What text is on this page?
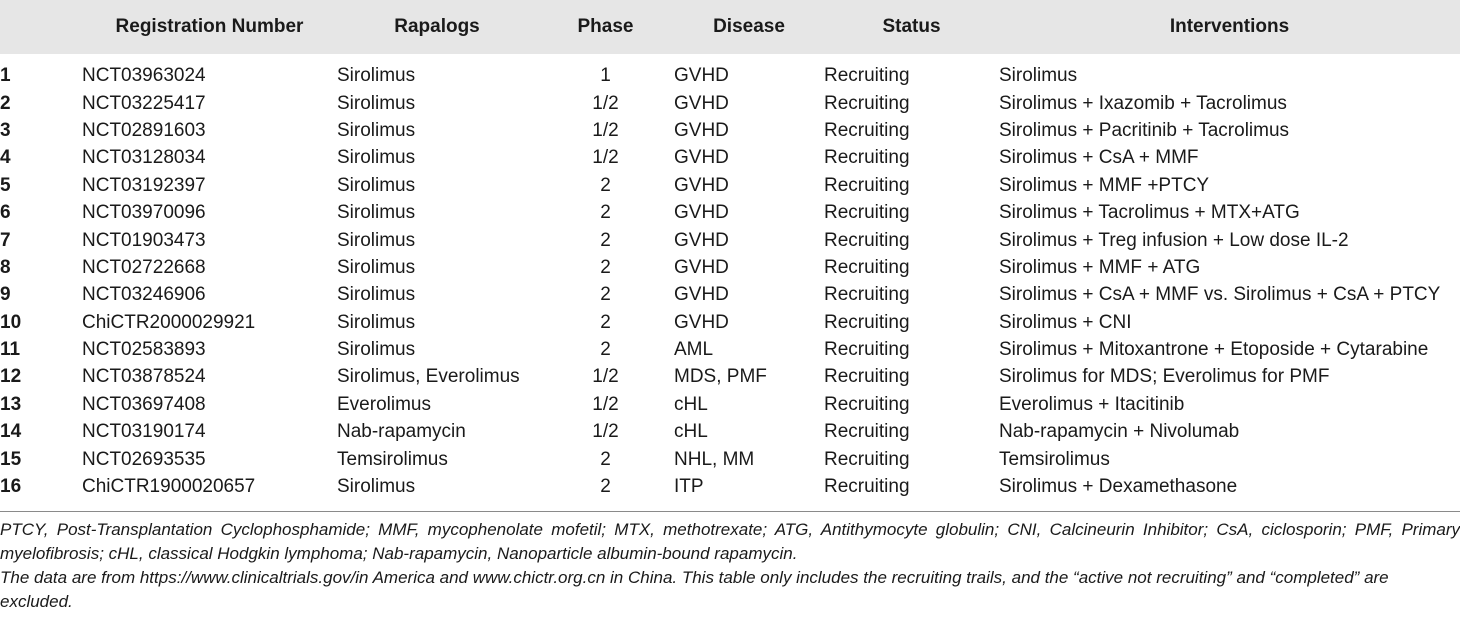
	Registration Number	Rapalogs	Phase	Disease	Status	Interventions

1	NCT03963024	Sirolimus	1	GVHD	Recruiting	Sirolimus
2	NCT03225417	Sirolimus	1/2	GVHD	Recruiting	Sirolimus + Ixazomib + Tacrolimus
3	NCT02891603	Sirolimus	1/2	GVHD	Recruiting	Sirolimus + Pacritinib + Tacrolimus
4	NCT03128034	Sirolimus	1/2	GVHD	Recruiting	Sirolimus + CsA + MMF
5	NCT03192397	Sirolimus	2	GVHD	Recruiting	Sirolimus + MMF +PTCY
6	NCT03970096	Sirolimus	2	GVHD	Recruiting	Sirolimus + Tacrolimus + MTX+ATG
7	NCT01903473	Sirolimus	2	GVHD	Recruiting	Sirolimus + Treg infusion + Low dose IL-2
8	NCT02722668	Sirolimus	2	GVHD	Recruiting	Sirolimus + MMF + ATG
9	NCT03246906	Sirolimus	2	GVHD	Recruiting	Sirolimus + CsA + MMF vs. Sirolimus + CsA + PTCY
10	ChiCTR2000029921	Sirolimus	2	GVHD	Recruiting	Sirolimus + CNI
11	NCT02583893	Sirolimus	2	AML	Recruiting	Sirolimus + Mitoxantrone + Etoposide + Cytarabine
12	NCT03878524	Sirolimus, Everolimus	1/2	MDS, PMF	Recruiting	Sirolimus for MDS; Everolimus for PMF
13	NCT03697408	Everolimus	1/2	cHL	Recruiting	Everolimus + Itacitinib
14	NCT03190174	Nab-rapamycin	1/2	cHL	Recruiting	Nab-rapamycin + Nivolumab
15	NCT02693535	Temsirolimus	2	NHL, MM	Recruiting	Temsirolimus
16	ChiCTR1900020657	Sirolimus	2	ITP	Recruiting	Sirolimus + Dexamethasone

PTCY, Post-Transplantation Cyclophosphamide; MMF, mycophenolate mofetil; MTX, methotrexate; ATG, Antithymocyte globulin; CNI, Calcineurin Inhibitor; CsA, ciclosporin; PMF, Primary myelofibrosis; cHL, classical Hodgkin lymphoma; Nab-rapamycin, Nanoparticle albumin-bound rapamycin.

The data are from https://www.clinicaltrials.gov/in America and www.chictr.org.cn in China. This table only includes the recruiting trails, and the “active not recruiting” and “completed” are excluded.
